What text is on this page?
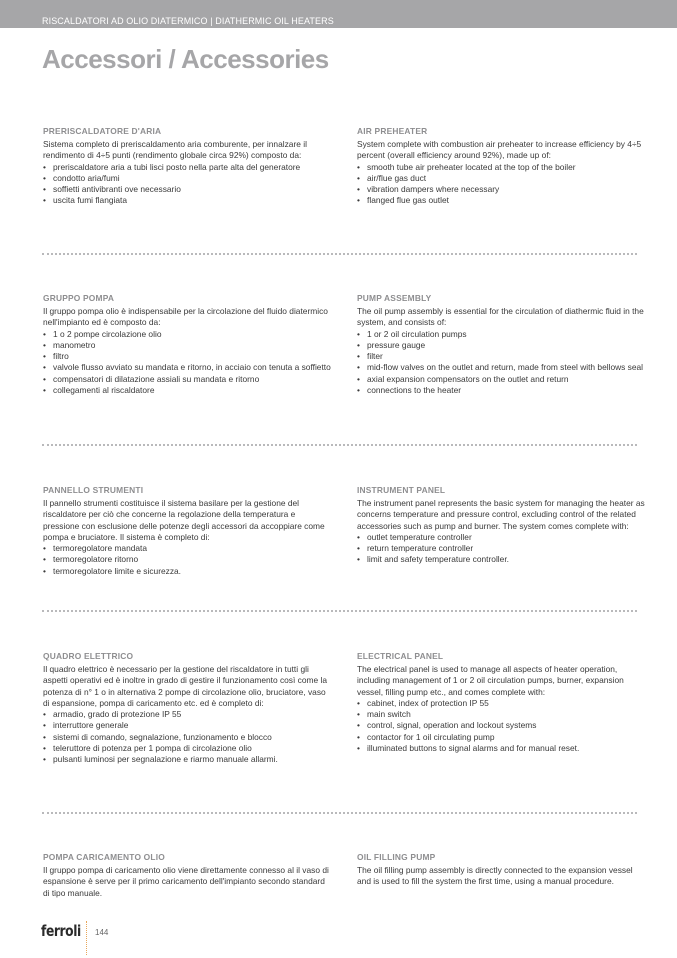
RISCALDATORI AD OLIO DIATERMICO | DIATHERMIC OIL HEATERS
Accessori / Accessories
PRERISCALDATORE D'ARIA

Sistema completo di preriscaldamento aria comburente, per innalzare il rendimento di 4÷5 punti (rendimento globale circa 92%) composto da:

• preriscaldatore aria a tubi lisci posto nella parte alta del generatore
• condotto aria/fumi
• soffietti antivibranti ove necessario
• uscita fumi flangiata
AIR PREHEATER

System complete with combustion air preheater to increase efficiency by 4÷5 percent (overall efficiency around 92%), made up of:

• smooth tube air preheater located at the top of the boiler
• air/flue gas duct
• vibration dampers where necessary
• flanged flue gas outlet
GRUPPO POMPA

Il gruppo pompa olio è indispensabile per la circolazione del fluido diatermico nell'impianto ed è composto da:

• 1 o 2 pompe circolazione olio
• manometro
• filtro
• valvole flusso avviato su mandata e ritorno, in acciaio con tenuta a soffietto
• compensatori di dilatazione assiali su mandata e ritorno
• collegamenti al riscaldatore
PUMP ASSEMBLY

The oil pump assembly is essential for the circulation of diathermic fluid in the system, and consists of:

• 1 or 2 oil circulation pumps
• pressure gauge
• filter
• mid-flow valves on the outlet and return, made from steel with bellows seal
• axial expansion compensators on the outlet and return
• connections to the heater
PANNELLO STRUMENTI

Il pannello strumenti costituisce il sistema basilare per la gestione del riscaldatore per ciò che concerne la regolazione della temperatura e pressione con esclusione delle potenze degli accessori da accoppiare come pompa e bruciatore. Il sistema è completo di:

• termoregolatore mandata
• termoregolatore ritorno
• termoregolatore limite e sicurezza.
INSTRUMENT PANEL

The instrument panel represents the basic system for managing the heater as concerns temperature and pressure control, excluding control of the related accessories such as pump and burner. The system comes complete with:

• outlet temperature controller
• return temperature controller
• limit and safety temperature controller.
QUADRO ELETTRICO

Il quadro elettrico è necessario per la gestione del riscaldatore in tutti gli aspetti operativi ed è inoltre in grado di gestire il funzionamento così come la potenza di n° 1 o in alternativa 2 pompe di circolazione olio, bruciatore, vaso di espansione, pompa di caricamento etc. ed è completo di:

• armadio, grado di protezione IP 55
• interruttore generale
• sistemi di comando, segnalazione, funzionamento e blocco
• teleruttore di potenza per 1 pompa di circolazione olio
• pulsanti luminosi per segnalazione e riarmo manuale allarmi.
ELECTRICAL PANEL

The electrical panel is used to manage all aspects of heater operation, including management of 1 or 2 oil circulation pumps, burner, expansion vessel, filling pump etc., and comes complete with:

• cabinet, index of protection IP 55
• main switch
• control, signal, operation and lockout systems
• contactor for 1 oil circulating pump
• illuminated buttons to signal alarms and for manual reset.
POMPA CARICAMENTO OLIO

Il gruppo pompa di caricamento olio viene direttamente connesso al il vaso di espansione è serve per il primo caricamento dell'impianto secondo standard di tipo manuale.

OIL FILLING PUMP

The oil filling pump assembly is directly connected to the expansion vessel and is used to fill the system the first time, using a manual procedure.

ferroli 144
